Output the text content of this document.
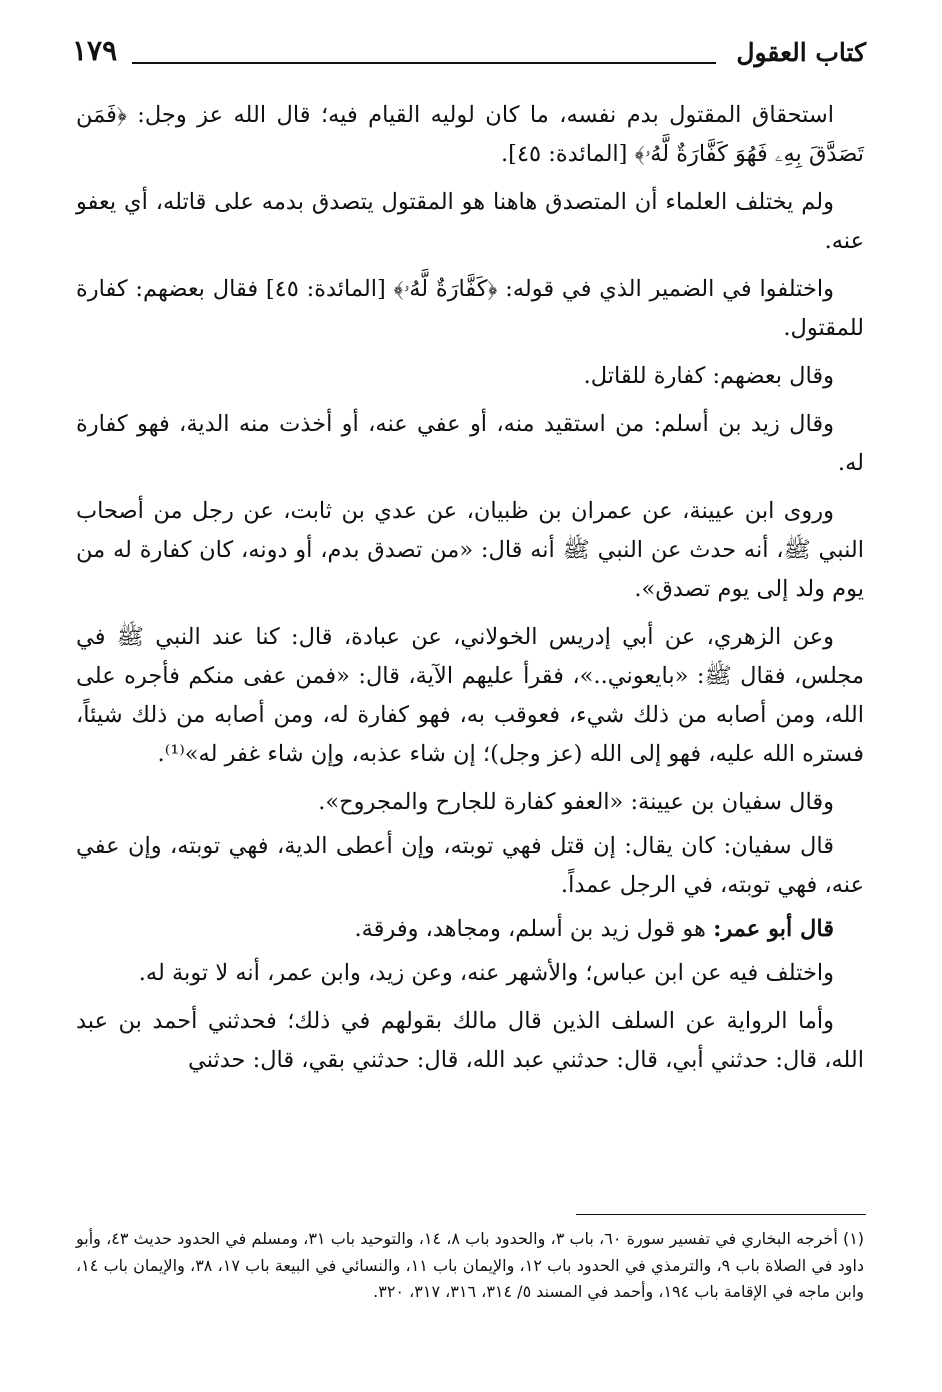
كتاب العقول
١٧٩

استحقاق المقتول بدم نفسه، ما كان لوليه القيام فيه؛ قال الله عز وجل: ﴿فَمَن تَصَدَّقَ بِهِۦ فَهُوَ كَفَّارَةٌ لَّهُۥ﴾ [المائدة: ٤٥].

ولم يختلف العلماء أن المتصدق هاهنا هو المقتول يتصدق بدمه على قاتله، أي يعفو عنه.

واختلفوا في الضمير الذي في قوله: ﴿كَفَّارَةٌ لَّهُۥ﴾ [المائدة: ٤٥] فقال بعضهم: كفارة للمقتول.

وقال بعضهم: كفارة للقاتل.

وقال زيد بن أسلم: من استقيد منه، أو عفي عنه، أو أخذت منه الدية، فهو كفارة له.

وروى ابن عيينة، عن عمران بن ظبيان، عن عدي بن ثابت، عن رجل من أصحاب النبي ﷺ، أنه حدث عن النبي ﷺ أنه قال: «من تصدق بدم، أو دونه، كان كفارة له من يوم ولد إلى يوم تصدق».

وعن الزهري، عن أبي إدريس الخولاني، عن عبادة، قال: كنا عند النبي ﷺ في مجلس، فقال ﷺ: «بايعوني..»، فقرأ عليهم الآية، قال: «فمن عفى منكم فأجره على الله، ومن أصابه من ذلك شيء، فعوقب به، فهو كفارة له، ومن أصابه من ذلك شيئاً، فستره الله عليه، فهو إلى الله (عز وجل)؛ إن شاء عذبه، وإن شاء غفر له»⁽¹⁾.

وقال سفيان بن عيينة: «العفو كفارة للجارح والمجروح».

قال سفيان: كان يقال: إن قتل فهي توبته، وإن أعطى الدية، فهي توبته، وإن عفي عنه، فهي توبته، في الرجل عمداً.

قال أبو عمر: هو قول زيد بن أسلم، ومجاهد، وفرقة.

واختلف فيه عن ابن عباس؛ والأشهر عنه، وعن زيد، وابن عمر، أنه لا توبة له.

وأما الرواية عن السلف الذين قال مالك بقولهم في ذلك؛ فحدثني أحمد بن عبد الله، قال: حدثني أبي، قال: حدثني عبد الله، قال: حدثني بقي، قال: حدثني

(١) أخرجه البخاري في تفسير سورة ٦٠، باب ٣، والحدود باب ٨، ١٤، والتوحيد باب ٣١، ومسلم في الحدود حديث ٤٣، وأبو داود في الصلاة باب ٩، والترمذي في الحدود باب ١٢، والإيمان باب ١١، والنسائي في البيعة باب ١٧، ٣٨، والإيمان باب ١٤، وابن ماجه في الإقامة باب ١٩٤، وأحمد في المسند ٥/ ٣١٤، ٣١٦، ٣١٧، ٣٢٠.
